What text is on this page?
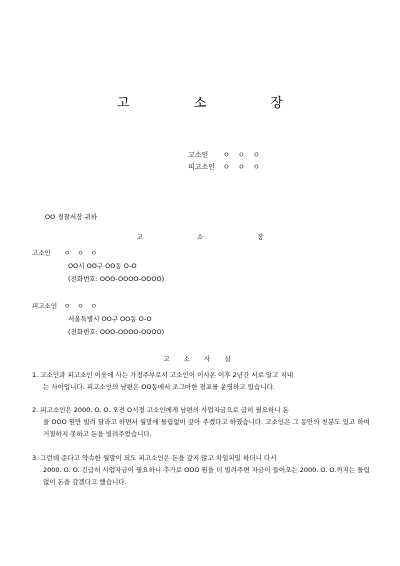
고 소 장
고소인	ㅇ ㅇ ㅇ
피고소인	ㅇ ㅇ ㅇ
OO 경찰서장 귀하
고 소 장
고소인	ㅇ ㅇ ㅇ
OO시 OO구 OO동 O-O
(전화번호: OOO-OOOO-OOOO)
피고소인	ㅇ ㅇ ㅇ
서울특별시 OO구 OO동 O-O
(전화번호: OOO-OOOO-OOOO)
고 소 사 실
1. 고소인과 피고소인 이웃에 사는 가정주부로서 고소인이 이사온 이후 2년간 서로 알고 지내
는 사이입니다. 피고소인의 남편은 OO동에서 조그마한 점포를 운영하고 있습니다.
2. 피고소인은 2000. O. O. 오전 O시경 고소인에게 남편의 사업자금으로 급히 필요하니 돈
을 OOO 원만 빌려 달라고 하면서 월말에 틀림없이 갚아 주겠다고 하였습니다. 고소인은 그 동안의 친분도 있고 하여 거절하지 못하고 돈을 빌려주었습니다.
3. 그런데 준다고 약속한 월말이 되도 피고소인은 돈을 갚지 않고 차일피일 하더니 다시
2000. O. O. 긴급히 사업자금이 필요하니 추가로 OOO 원을 더 빌려주면 자금이 들어오는 2000. O. O.까지는 틀림없이 돈을 갚겠다고 했습니다.
